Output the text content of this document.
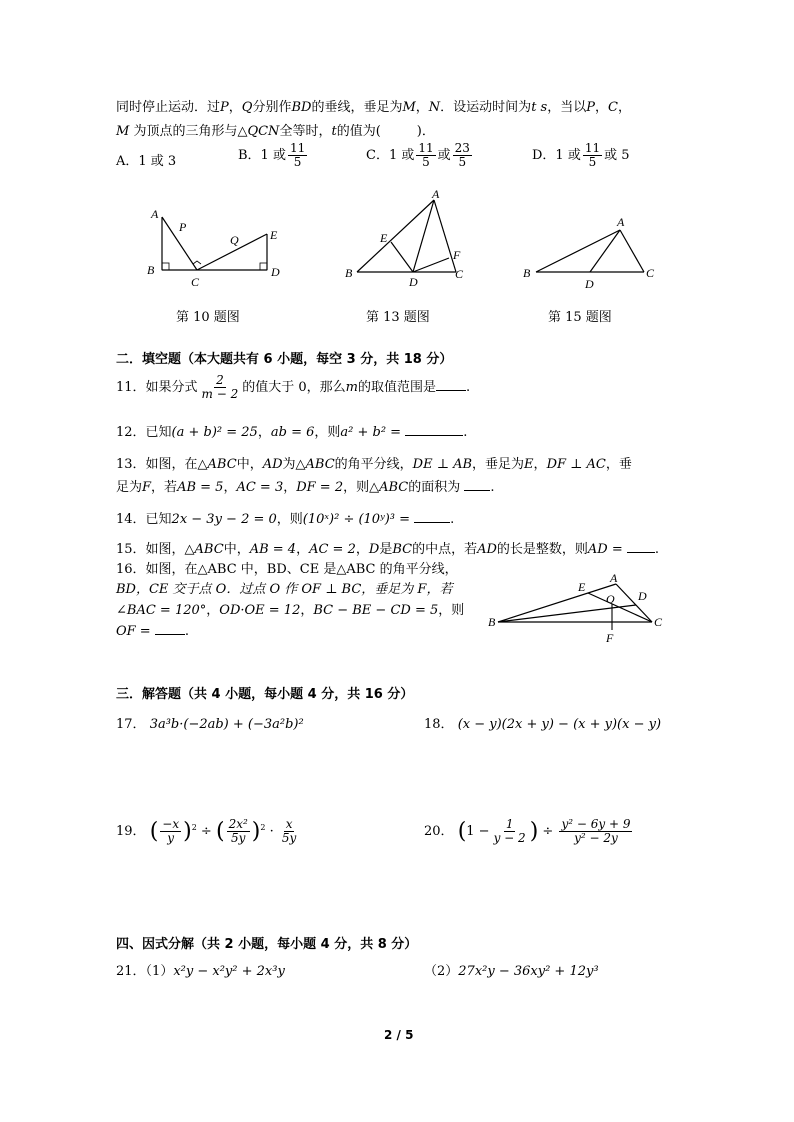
同时停止运动．过P，Q分别作BD的垂线，垂足为M，N．设运动时间为t s，当以P，C，
M 为顶点的三角形与△QCN全等时，t的值为(	)．
A．1 或 3	B．1 或 $\frac{11}{5}$	C．1 或 $\frac{11}{5}$ 或 $\frac{23}{5}$	D．1 或 $\frac{11}{5}$ 或 5
A
P
Q	E
B
C
D
第 10 题图
A
E
F
B
D
C
第 13 题图
A
B
D
C
第 15 题图
二．填空题（本大题共有 6 小题，每空 3 分，共 18 分）
11．如果分式 $\frac{2}{m - 2}$ 的值大于 0，那么m的取值范围是 .
12．已知(a + b)² = 25，ab = 6，则a² + b² =	.
13．如图，在△ABC中，AD为△ABC的角平分线，DE ⊥ AB，垂足为E，DF ⊥ AC，垂
足为F，若AB = 5，AC = 3，DF = 2，则△ABC的面积为 .
14．已知2x − 3y − 2 = 0，则(10ˣ)² ÷ (10ʸ)³ =	.
15．如图，△ABC中，AB = 4，AC = 2，D是BC的中点，若AD的长是整数，则AD = .
16．如图，在△ABC 中，BD、CE 是△ABC 的角平分线，
BD，CE 交于点 O．过点 O 作 OF ⊥ BC，垂足为 F，若
∠BAC = 120°，OD·OE = 12，BC − BE − CD = 5，则
OF =	.
E
A
O D
B
F
C
三．解答题（共 4 小题，每小题 4 分，共 16 分）
17． 3a³b·(−2ab) + (−3a²b)²	18． (x − y)(2x + y) − (x + y)(x − y)
19． ( $\frac{-x}{y} )^2$ ÷ ( $\frac{\text{2x²}}{5y} )^2 \cdot \frac{x}{5y}$	20． ($1 - \frac{1}{y - 2}$ ) ÷ $\frac{\text{y² − 6y + 9}}{\text{y² − 2y}}$
四、因式分解（共 2 小题，每小题 4 分，共 8 分）
21．（1）x²y − x²y² + 2x³y	（2）27x²y − 36xy² + 12y³
2 / 5
